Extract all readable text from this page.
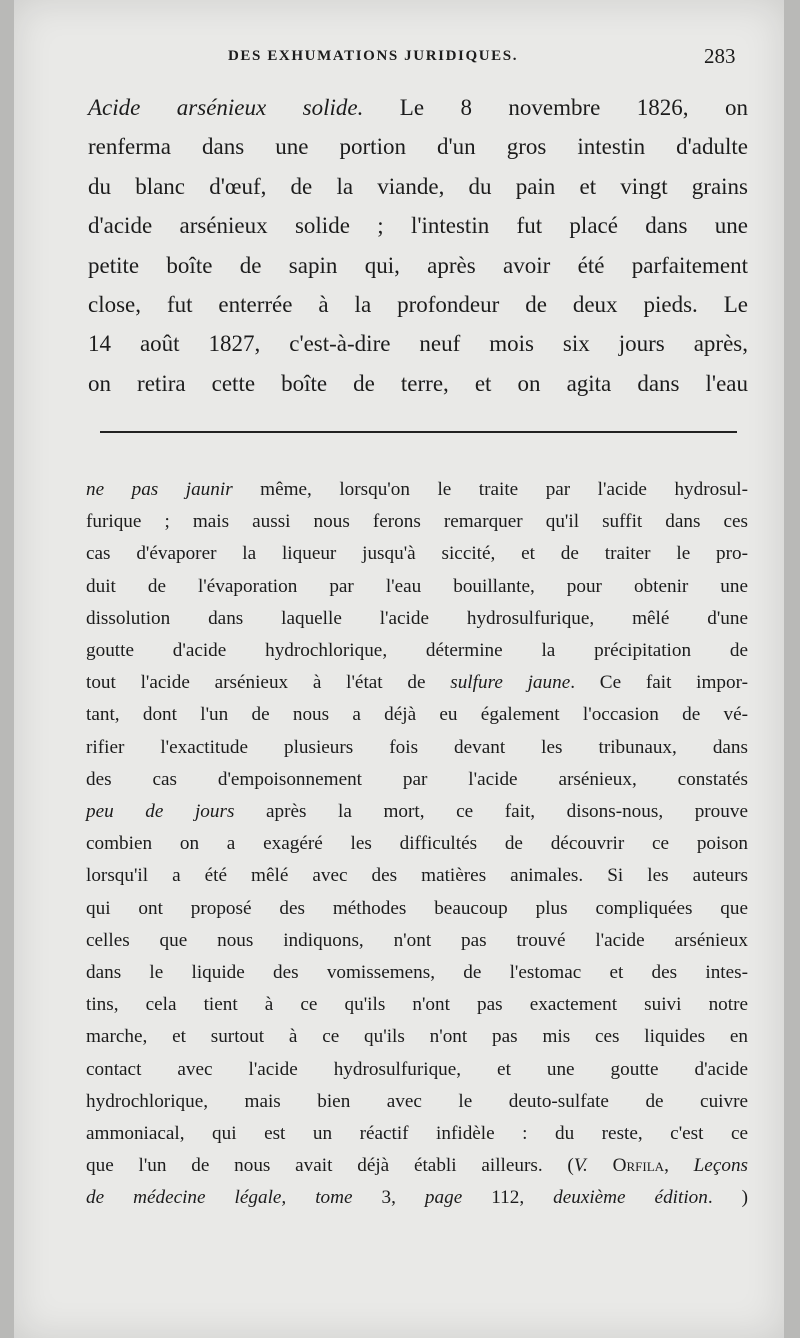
DES EXHUMATIONS JURIDIQUES.	283
Acide arsénieux solide. Le 8 novembre 1826, on
renferma dans une portion d'un gros intestin d'adulte
du blanc d'œuf, de la viande, du pain et vingt grains
d'acide arsénieux solide ; l'intestin fut placé dans une
petite boîte de sapin qui, après avoir été parfaitement
close, fut enterrée à la profondeur de deux pieds. Le
14 août 1827, c'est-à-dire neuf mois six jours après,
on retira cette boîte de terre, et on agita dans l'eau
ne pas jaunir même, lorsqu'on le traite par l'acide hydrosul-
furique ; mais aussi nous ferons remarquer qu'il suffit dans ces
cas d'évaporer la liqueur jusqu'à siccité, et de traiter le pro-
duit de l'évaporation par l'eau bouillante, pour obtenir une
dissolution dans laquelle l'acide hydrosulfurique, mêlé d'une
goutte d'acide hydrochlorique, détermine la précipitation de
tout l'acide arsénieux à l'état de sulfure jaune. Ce fait impor-
tant, dont l'un de nous a déjà eu également l'occasion de vé-
rifier l'exactitude plusieurs fois devant les tribunaux, dans
des cas d'empoisonnement par l'acide arsénieux, constatés
peu de jours après la mort, ce fait, disons-nous, prouve
combien on a exagéré les difficultés de découvrir ce poison
lorsqu'il a été mêlé avec des matières animales. Si les auteurs
qui ont proposé des méthodes beaucoup plus compliquées que
celles que nous indiquons, n'ont pas trouvé l'acide arsénieux
dans le liquide des vomissemens, de l'estomac et des intes-
tins, cela tient à ce qu'ils n'ont pas exactement suivi notre
marche, et surtout à ce qu'ils n'ont pas mis ces liquides en
contact avec l'acide hydrosulfurique, et une goutte d'acide
hydrochlorique, mais bien avec le deuto-sulfate de cuivre
ammoniacal, qui est un réactif infidèle : du reste, c'est ce
que l'un de nous avait déjà établi ailleurs. (V. Orfila, Leçons
de médecine légale, tome 3, page 112, deuxième édition. )
